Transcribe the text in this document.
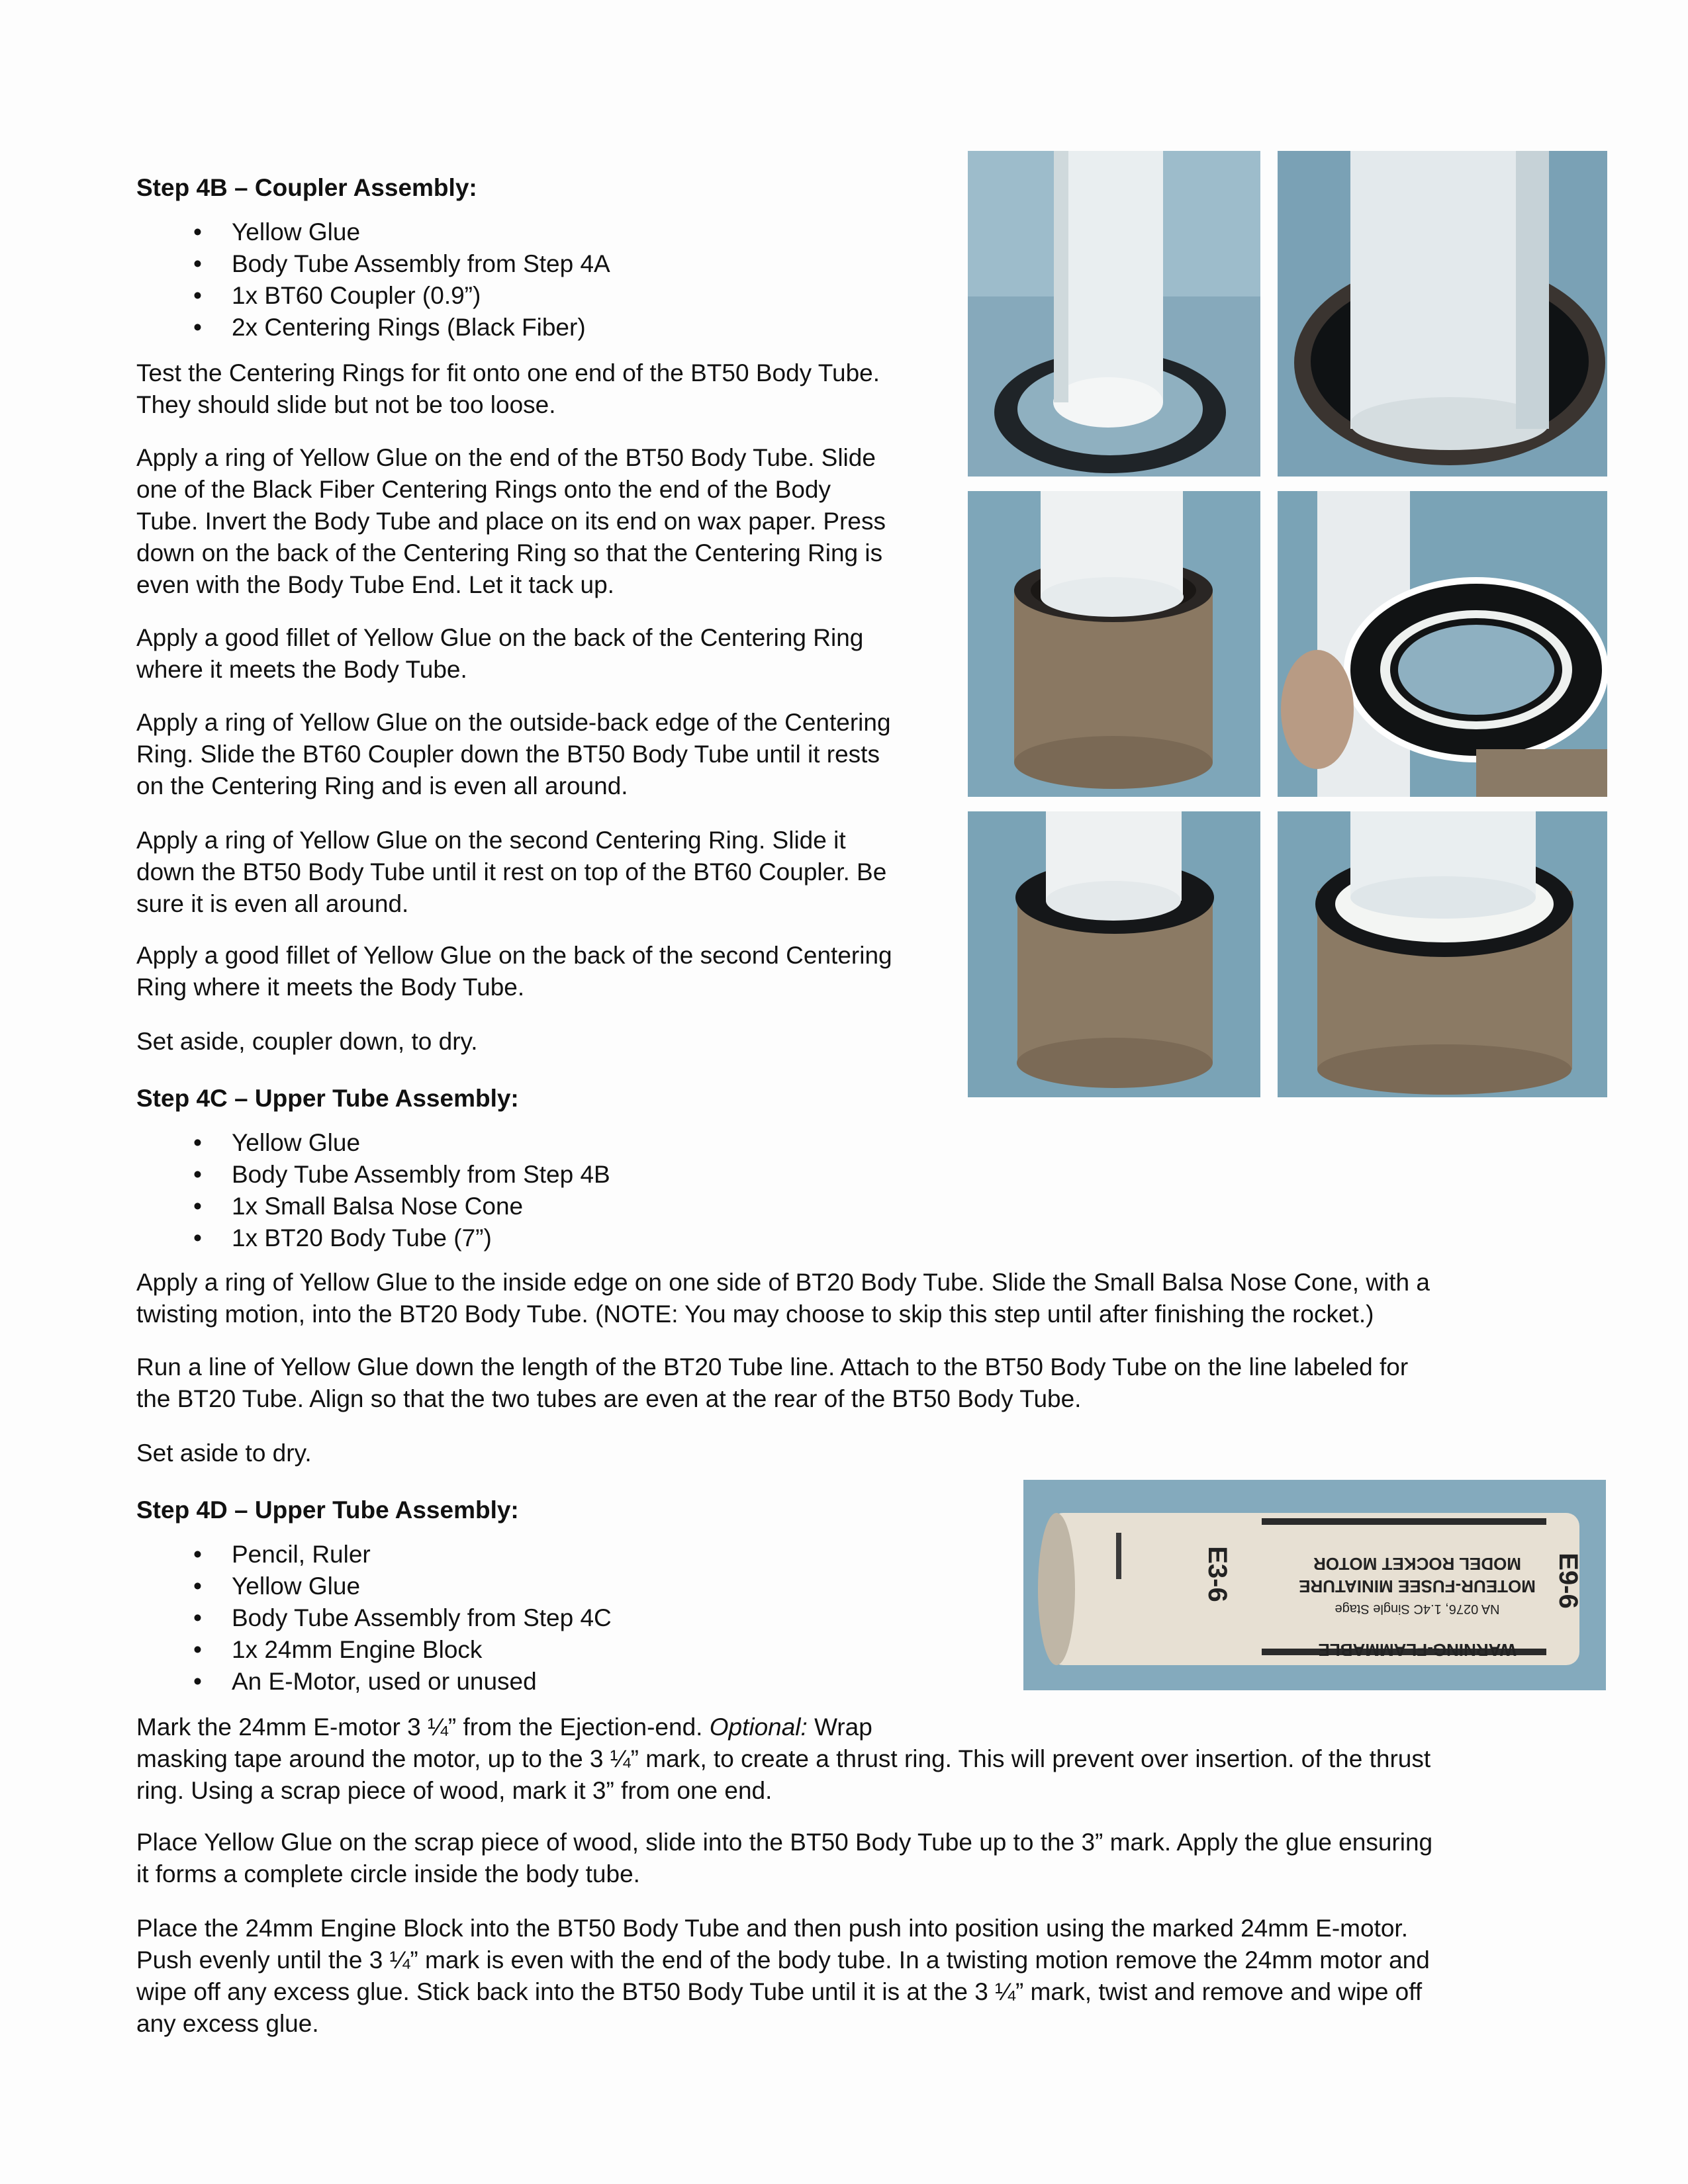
Step 4B – Coupler Assembly:
• Yellow Glue
• Body Tube Assembly from Step 4A
• 1x BT60 Coupler (0.9”)
• 2x Centering Rings (Black Fiber)

Test the Centering Rings for fit onto one end of the BT50 Body Tube.

They should slide but not be too loose.

Apply a ring of Yellow Glue on the end of the BT50 Body Tube. Slide

one of the Black Fiber Centering Rings onto the end of the Body

Tube. Invert the Body Tube and place on its end on wax paper. Press

down on the back of the Centering Ring so that the Centering Ring is

even with the Body Tube End. Let it tack up.

Apply a good fillet of Yellow Glue on the back of the Centering Ring

where it meets the Body Tube.

Apply a ring of Yellow Glue on the outside-back edge of the Centering

Ring. Slide the BT60 Coupler down the BT50 Body Tube until it rests

on the Centering Ring and is even all around.

Apply a ring of Yellow Glue on the second Centering Ring. Slide it

down the BT50 Body Tube until it rest on top of the BT60 Coupler. Be

sure it is even all around.

Apply a good fillet of Yellow Glue on the back of the second Centering

Ring where it meets the Body Tube.

Set aside, coupler down, to dry.
Step 4C – Upper Tube Assembly:
• Yellow Glue
• Body Tube Assembly from Step 4B
• 1x Small Balsa Nose Cone
• 1x BT20 Body Tube (7”)

Apply a ring of Yellow Glue to the inside edge on one side of BT20 Body Tube. Slide the Small Balsa Nose Cone, with a

twisting motion, into the BT20 Body Tube. (NOTE: You may choose to skip this step until after finishing the rocket.)

Run a line of Yellow Glue down the length of the BT20 Tube line. Attach to the BT50 Body Tube on the line labeled for

the BT20 Tube. Align so that the two tubes are even at the rear of the BT50 Body Tube.

Set aside to dry.
Step 4D – Upper Tube Assembly:
• Pencil, Ruler
• Yellow Glue
• Body Tube Assembly from Step 4C
• 1x 24mm Engine Block
• An E-Motor, used or unused

Mark the 24mm E-motor 3 ¼” from the Ejection-end. Optional: Wrap

masking tape around the motor, up to the 3 ¼” mark, to create a thrust ring. This will prevent over insertion. of the thrust

ring. Using a scrap piece of wood, mark it 3” from one end.

Place Yellow Glue on the scrap piece of wood, slide into the BT50 Body Tube up to the 3” mark. Apply the glue ensuring

it forms a complete circle inside the body tube.

Place the 24mm Engine Block into the BT50 Body Tube and then push into position using the marked 24mm E-motor.

Push evenly until the 3 ¼” mark is even with the end of the body tube. In a twisting motion remove the 24mm motor and

wipe off any excess glue. Stick back into the BT50 Body Tube until it is at the 3 ¼” mark, twist and remove and wipe off

any excess glue.

WARNING-FLAMMABLE
NA 0276, 1.4C Single Stage
MOTEUR-FUSEE MINIATURE
MODEL ROCKET MOTOR	E9-6
E3-6
